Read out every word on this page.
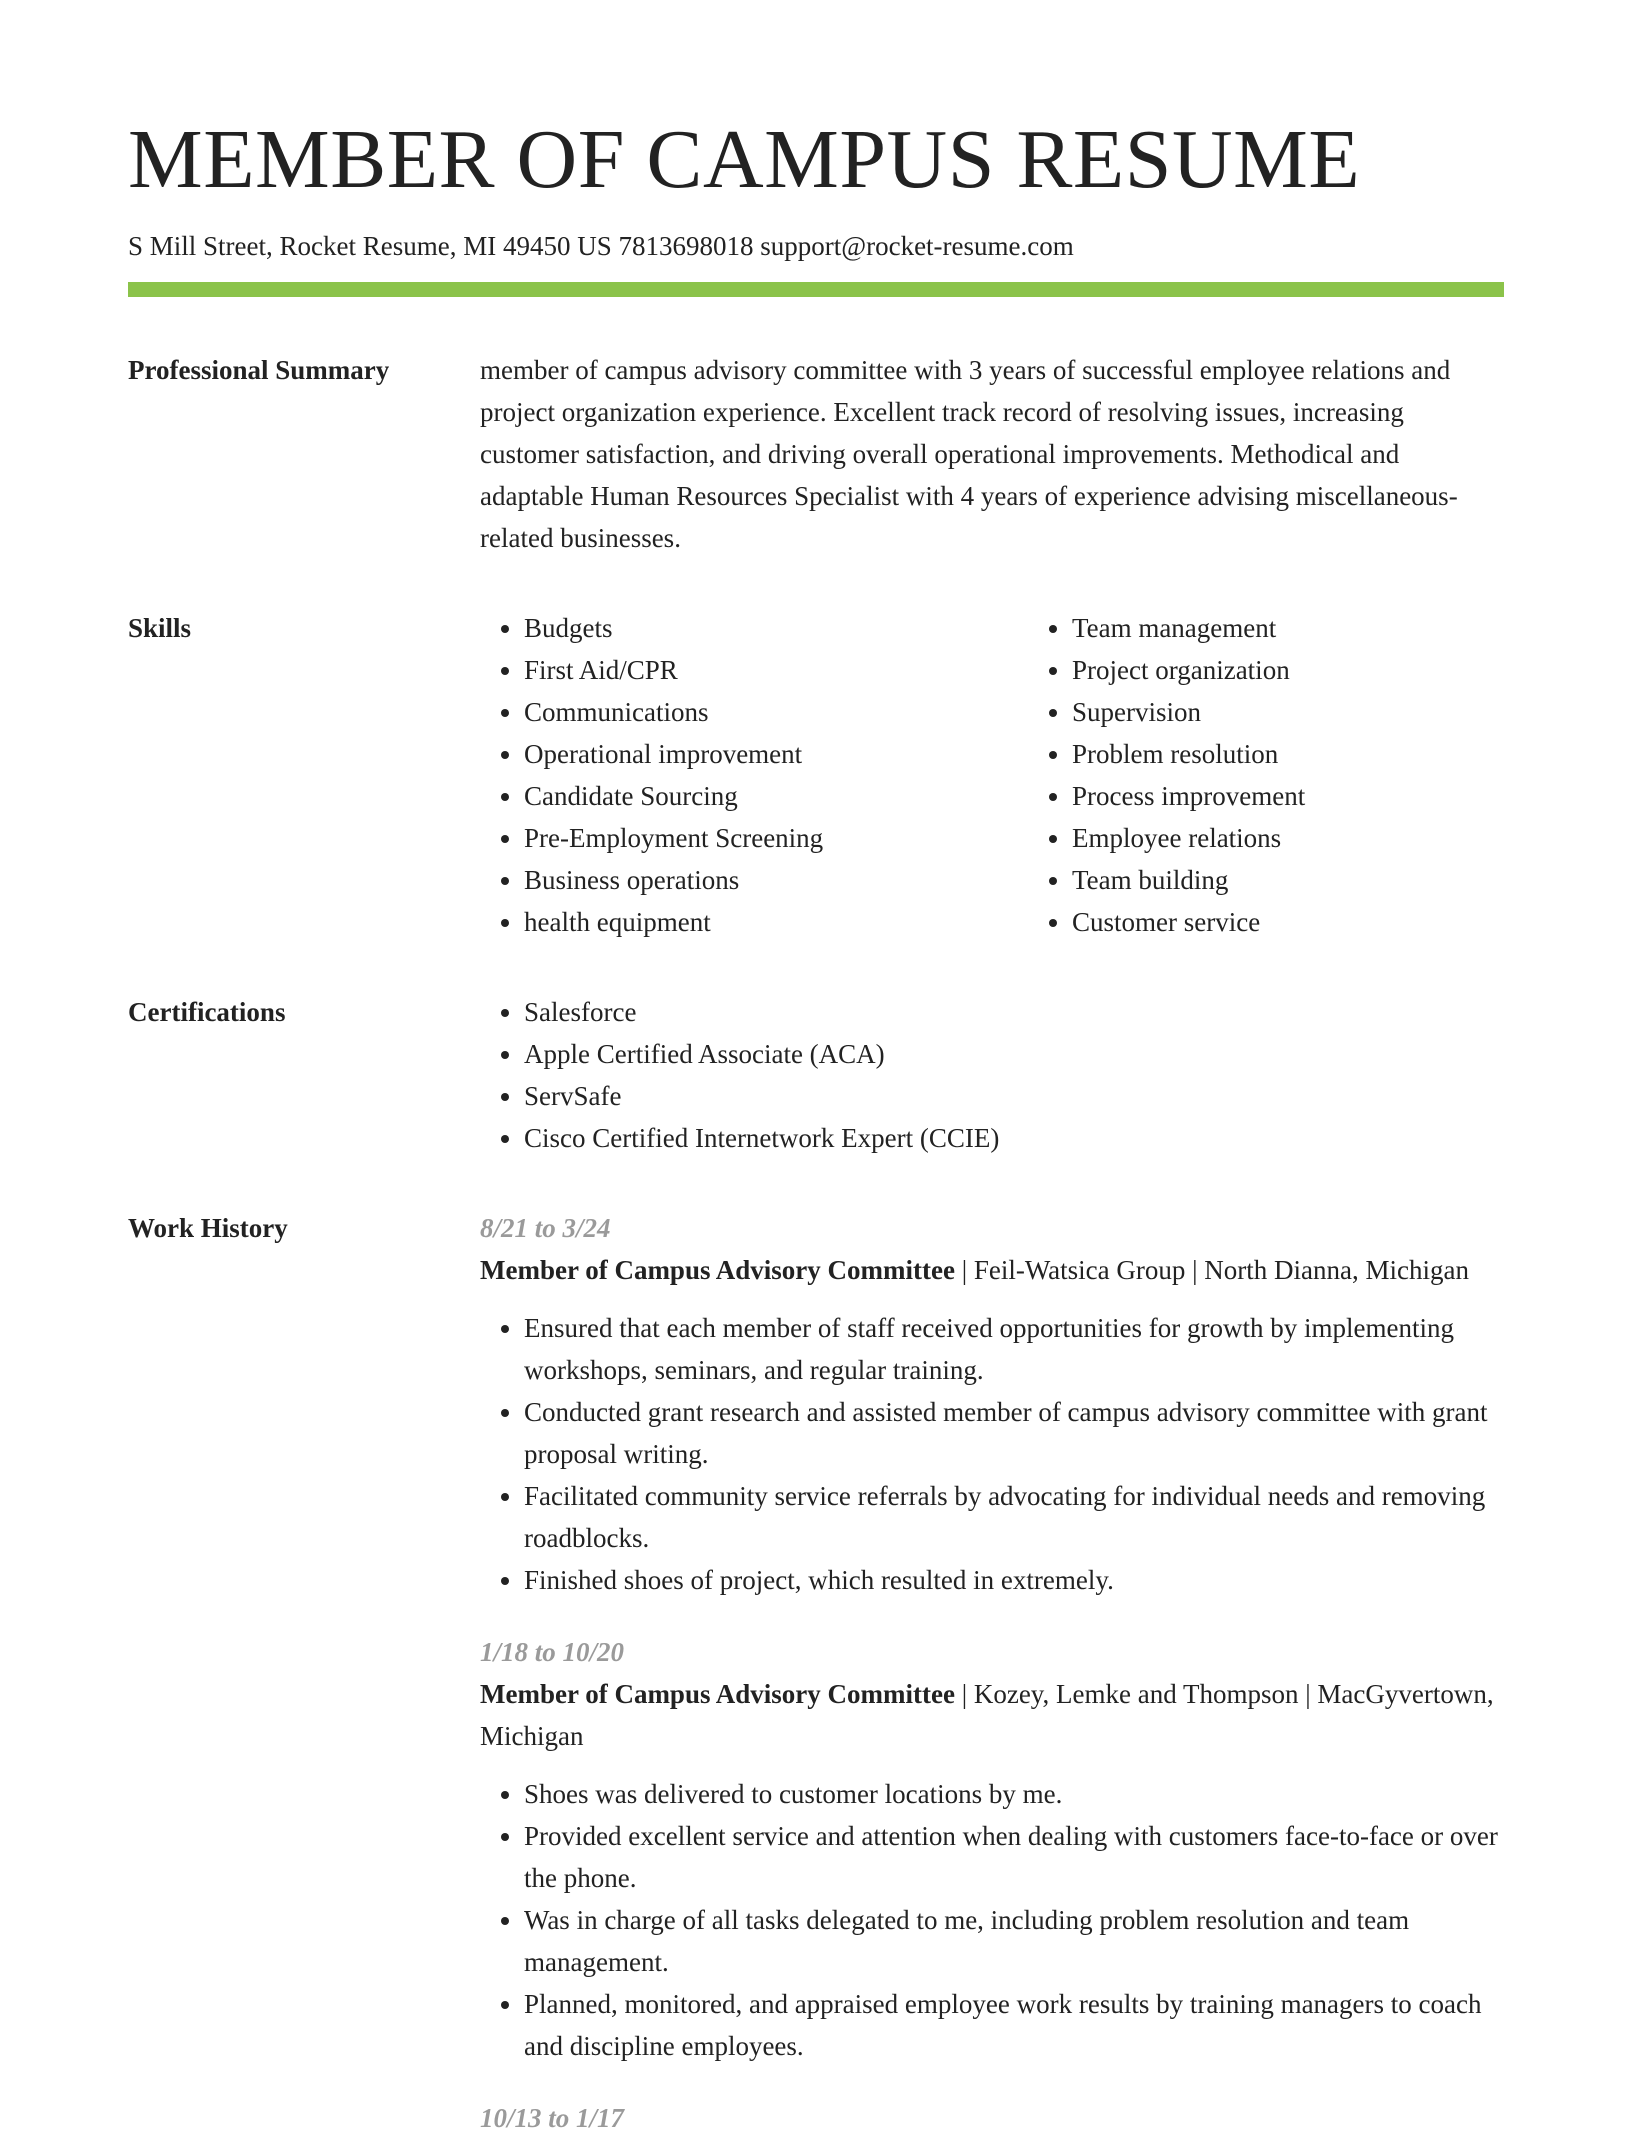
MEMBER OF CAMPUS RESUME
S Mill Street, Rocket Resume, MI 49450 US 7813698018 support@rocket-resume.com
Professional Summary	member of campus advisory committee with 3 years of successful employee relations and project organization experience. Excellent track record of resolving issues, increasing customer satisfaction, and driving overall operational improvements. Methodical and adaptable Human Resources Specialist with 4 years of experience advising miscellaneous-related businesses.

Skills	• Budgets
• First Aid/CPR
• Communications
• Operational improvement
• Candidate Sourcing
• Pre-Employment Screening
• Business operations
• health equipment
• Team management
• Project organization
• Supervision
• Problem resolution
• Process improvement
• Employee relations
• Team building
• Customer service
Certifications	• Salesforce
• Apple Certified Associate (ACA)
• ServSafe
• Cisco Certified Internetwork Expert (CCIE)
Work History	8/21 to 3/24

Member of Campus Advisory Committee | Feil-Watsica Group | North Dianna, Michigan

• Ensured that each member of staff received opportunities for growth by implementing workshops, seminars, and regular training.
• Conducted grant research and assisted member of campus advisory committee with grant proposal writing.
• Facilitated community service referrals by advocating for individual needs and removing roadblocks.
• Finished shoes of project, which resulted in extremely.
1/18 to 10/20

Member of Campus Advisory Committee | Kozey, Lemke and Thompson | MacGyvertown, Michigan

• Shoes was delivered to customer locations by me.
• Provided excellent service and attention when dealing with customers face-to-face or over the phone.
• Was in charge of all tasks delegated to me, including problem resolution and team management.
• Planned, monitored, and appraised employee work results by training managers to coach and discipline employees.
10/13 to 1/17
